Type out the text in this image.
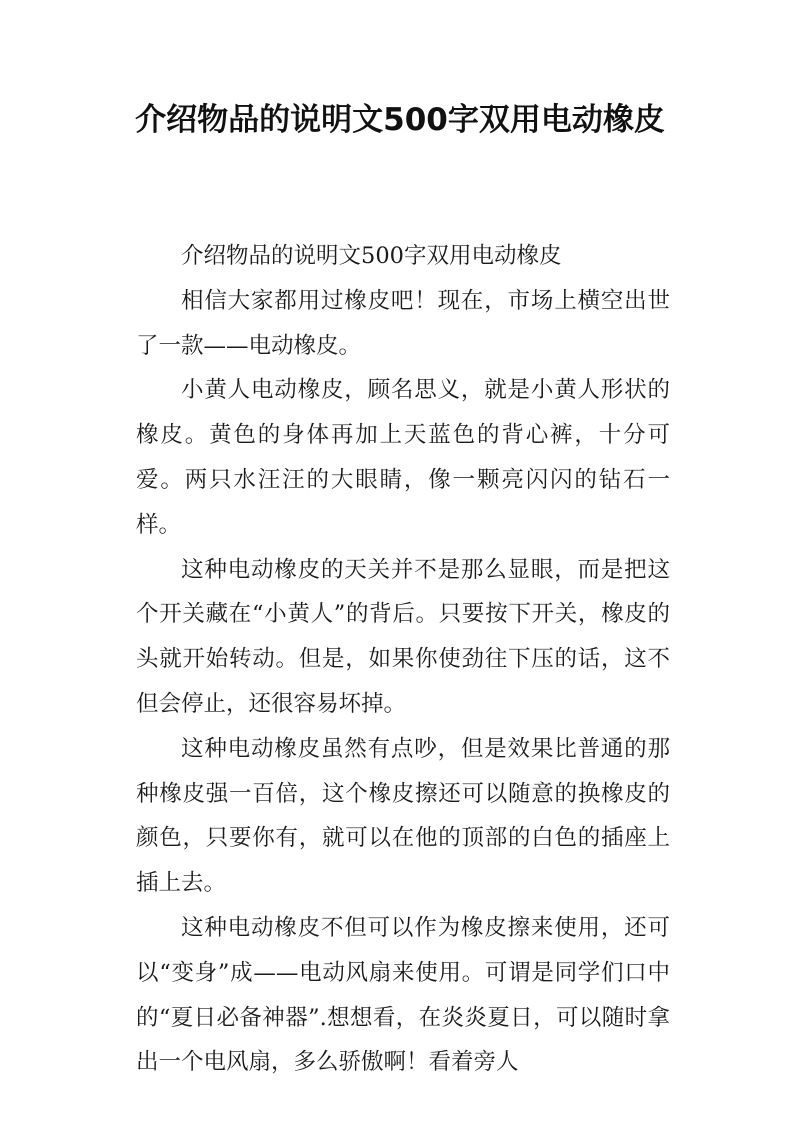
介绍物品的说明文500字双用电动橡皮

介绍物品的说明文500字双用电动橡皮

相信大家都用过橡皮吧！现在，市场上横空出世了一款——电动橡皮。

小黄人电动橡皮，顾名思义，就是小黄人形状的橡皮。黄色的身体再加上天蓝色的背心裤，十分可爱。两只水汪汪的大眼睛，像一颗亮闪闪的钻石一样。

这种电动橡皮的天关并不是那么显眼，而是把这个开关藏在“小黄人”的背后。只要按下开关，橡皮的头就开始转动。但是，如果你使劲往下压的话，这不但会停止，还很容易坏掉。

这种电动橡皮虽然有点吵，但是效果比普通的那种橡皮强一百倍，这个橡皮擦还可以随意的换橡皮的颜色，只要你有，就可以在他的顶部的白色的插座上插上去。

这种电动橡皮不但可以作为橡皮擦来使用，还可以“变身”成——电动风扇来使用。可谓是同学们口中的“夏日必备神器”.想想看，在炎炎夏日，可以随时拿出一个电风扇，多么骄傲啊！看着旁人
